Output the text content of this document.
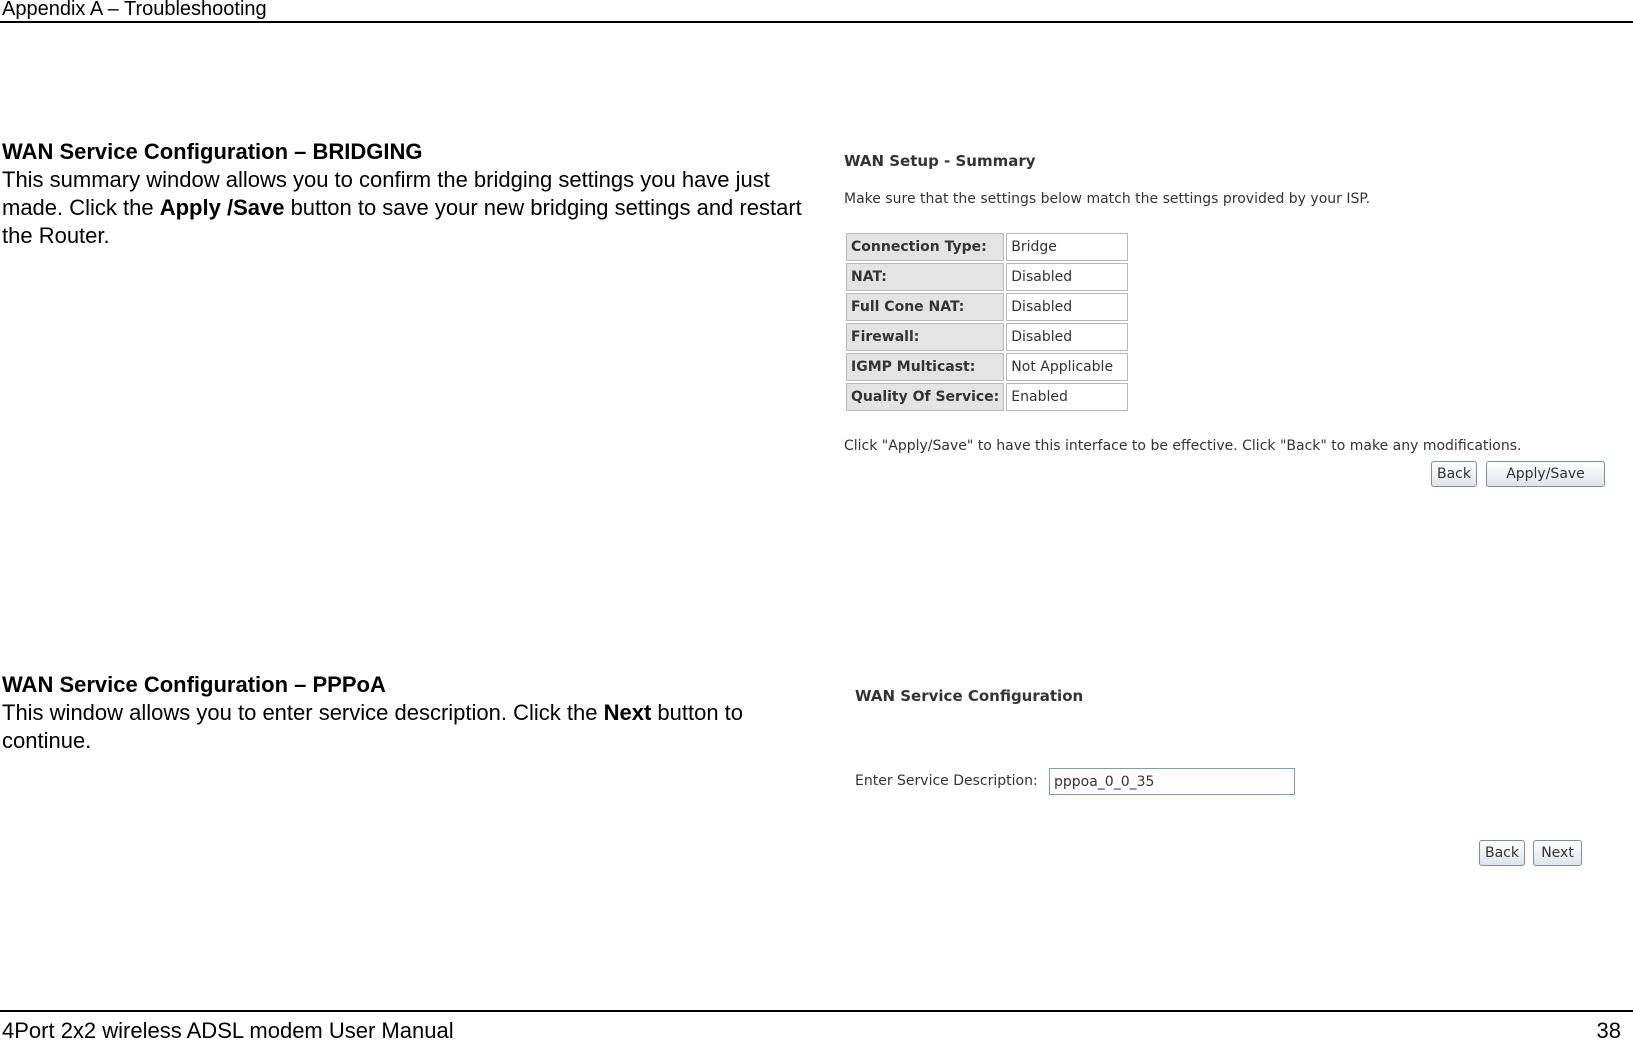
Appendix A – Troubleshooting
WAN Service Configuration – BRIDGING
This summary window allows you to confirm the bridging settings you have just made. Click the Apply /Save button to save your new bridging settings and restart the Router.
WAN Setup - Summary
Make sure that the settings below match the settings provided by your ISP.
Connection Type:	Bridge
NAT:	Disabled
Full Cone NAT:	Disabled
Firewall:	Disabled
IGMP Multicast:	Not Applicable
Quality Of Service:	Enabled
Click "Apply/Save" to have this interface to be effective. Click "Back" to make any modifications.
Back	Apply/Save
WAN Service Configuration – PPPoA
This window allows you to enter service description. Click the Next button to continue.
WAN Service Configuration
Enter Service Description:
pppoa_0_0_35
Back	Next
4Port 2x2 wireless ADSL modem User Manual	38
